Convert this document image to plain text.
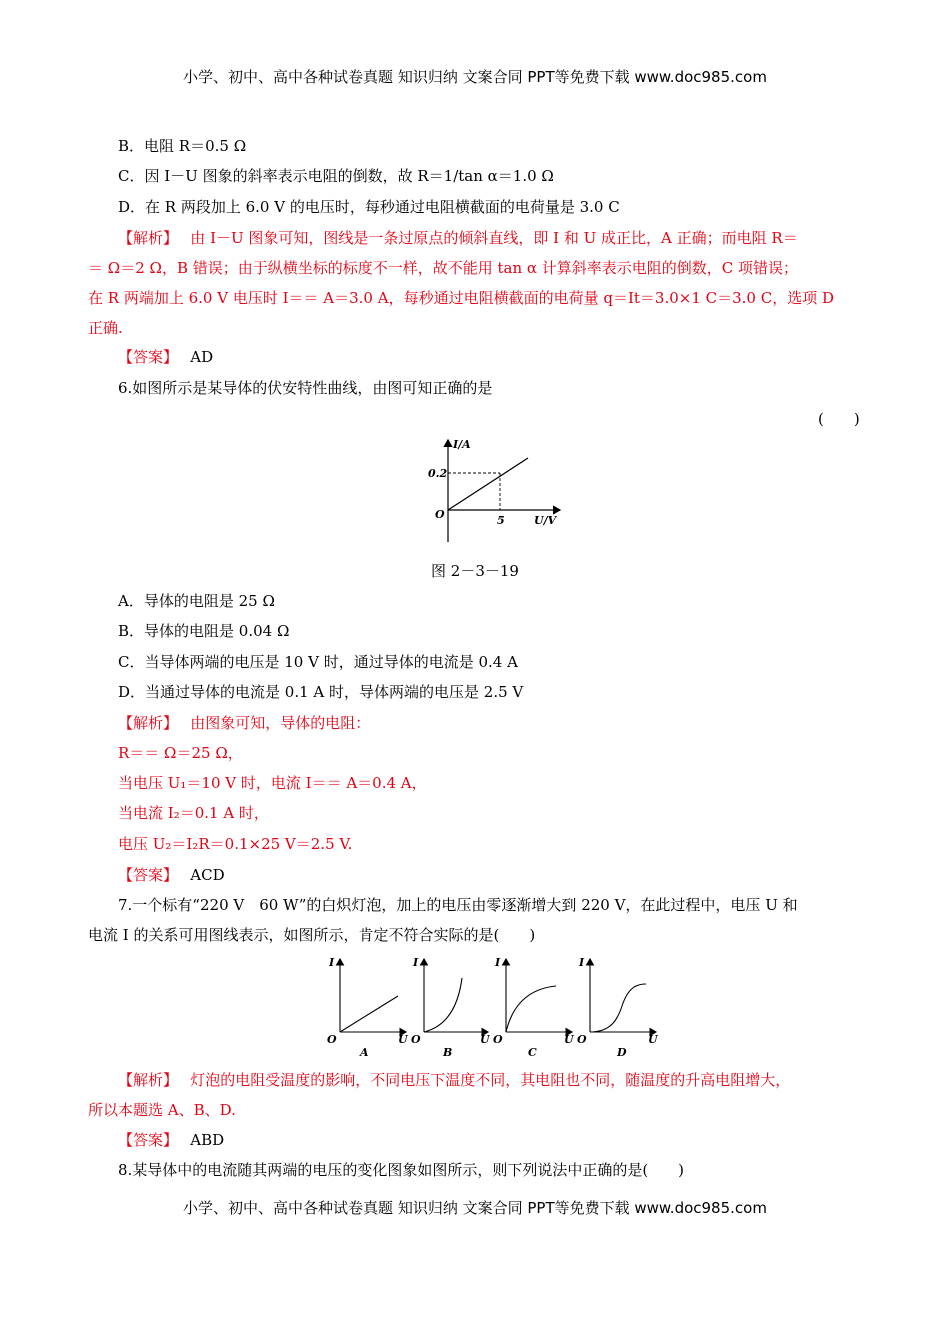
小学、初中、高中各种试卷真题 知识归纳 文案合同 PPT等免费下载 www.doc985.com
B．电阻 R＝0.5 Ω
C．因 I－U 图象的斜率表示电阻的倒数，故 R＝1/tan α＝1.0 Ω
D．在 R 两段加上 6.0 V 的电压时，每秒通过电阻横截面的电荷量是 3.0 C
【解析】　 由 I－U 图象可知，图线是一条过原点的倾斜直线，即 I 和 U 成正比，A 正确；而电阻 R＝
＝ Ω＝2 Ω，B 错误；由于纵横坐标的标度不一样，故不能用 tan α 计算斜率表示电阻的倒数，C 项错误；
在 R 两端加上 6.0 V 电压时 I＝＝ A＝3.0 A，每秒通过电阻横截面的电荷量 q＝It＝3.0×1 C＝3.0 C，选项 D
正确.
【答案】　 AD
6.如图所示是某导体的伏安特性曲线，由图可知正确的是
(　　)
I/A
U/V
O
0.2
5
图 2－3－19
A．导体的电阻是 25 Ω
B．导体的电阻是 0.04 Ω
C．当导体两端的电压是 10 V 时，通过导体的电流是 0.4 A
D．当通过导体的电流是 0.1 A 时，导体两端的电压是 2.5 V
【解析】　 由图象可知，导体的电阻：
R＝＝ Ω＝25 Ω，
当电压 U₁＝10 V 时，电流 I＝＝ A＝0.4 A，
当电流 I₂＝0.1 A 时，
电压 U₂＝I₂R＝0.1×25 V＝2.5 V.
【答案】　 ACD
7.一个标有“220 V　60 W”的白炽灯泡，加上的电压由零逐渐增大到 220 V，在此过程中，电压 U 和
电流 I 的关系可用图线表示，如图所示，肯定不符合实际的是(　　)
I
O	U
A
I
O	U
B
I
O	U
C
I
O	U
D
【解析】　 灯泡的电阻受温度的影响，不同电压下温度不同，其电阻也不同，随温度的升高电阻增大，
所以本题选 A、B、D.
【答案】　 ABD
8.某导体中的电流随其两端的电压的变化图象如图所示，则下列说法中正确的是(　　)
小学、初中、高中各种试卷真题 知识归纳 文案合同 PPT等免费下载 www.doc985.com
